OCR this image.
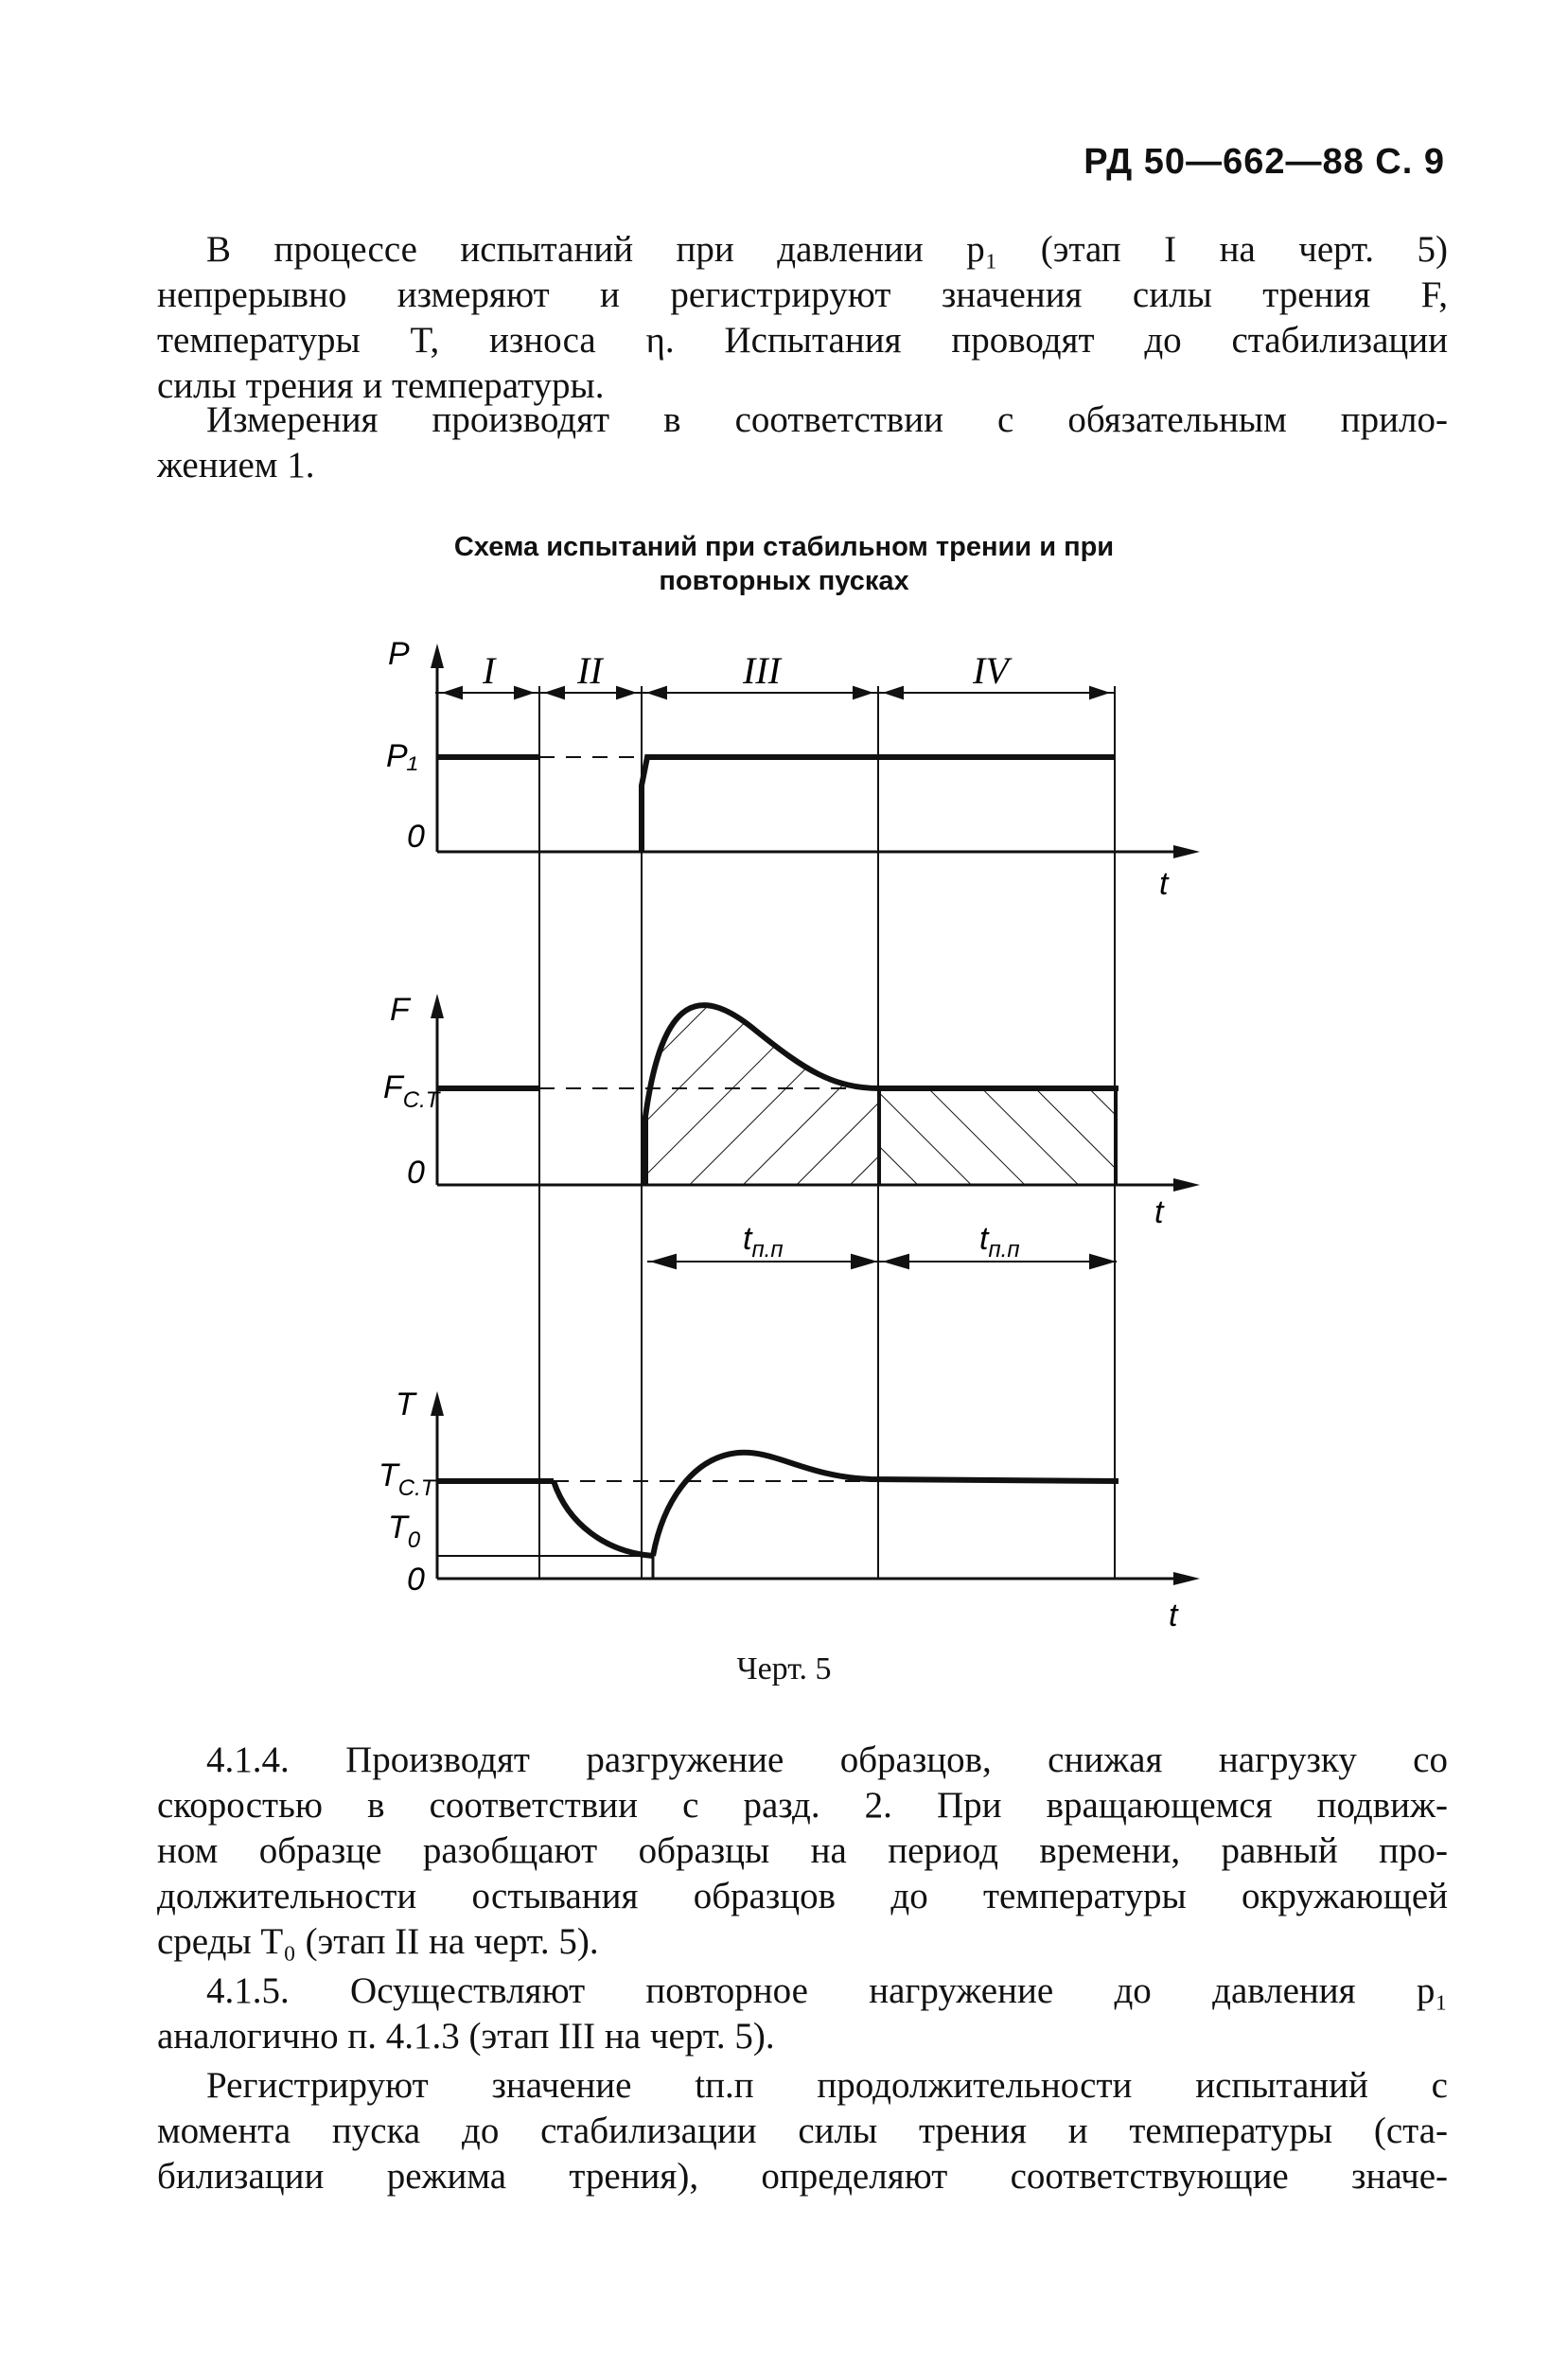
РД 50—662—88 С. 9
В процессе испытаний при давлении p₁ (этап I на черт. 5)
непрерывно измеряют и регистрируют значения силы трения F,
температуры T, износа η. Испытания проводят до стабилизации
силы трения и температуры.
Измерения производят в соответствии с обязательным прило-
жением 1.
Схема испытаний при стабильном трении и при
повторных пусках
I II	III	IV
P
P₁
0
t
F
$F_{С.Т}$
0
t
$t_{п.п}$	$t_{п.п}$
T
$T_{С.Т}$
$T_0$
0
t
Черт. 5
4.1.4. Производят разгружение образцов, снижая нагрузку со
скоростью в соответствии с разд. 2. При вращающемся подвиж-
ном образце разобщают образцы на период времени, равный про-
должительности остывания образцов до температуры окружающей
среды T₀ (этап II на черт. 5).
4.1.5. Осуществляют повторное нагружение до давления p₁
аналогично п. 4.1.3 (этап III на черт. 5).
Регистрируют значение tп.п продолжительности испытаний с
момента пуска до стабилизации силы трения и температуры (ста-
билизации режима трения), определяют соответствующие значе-
